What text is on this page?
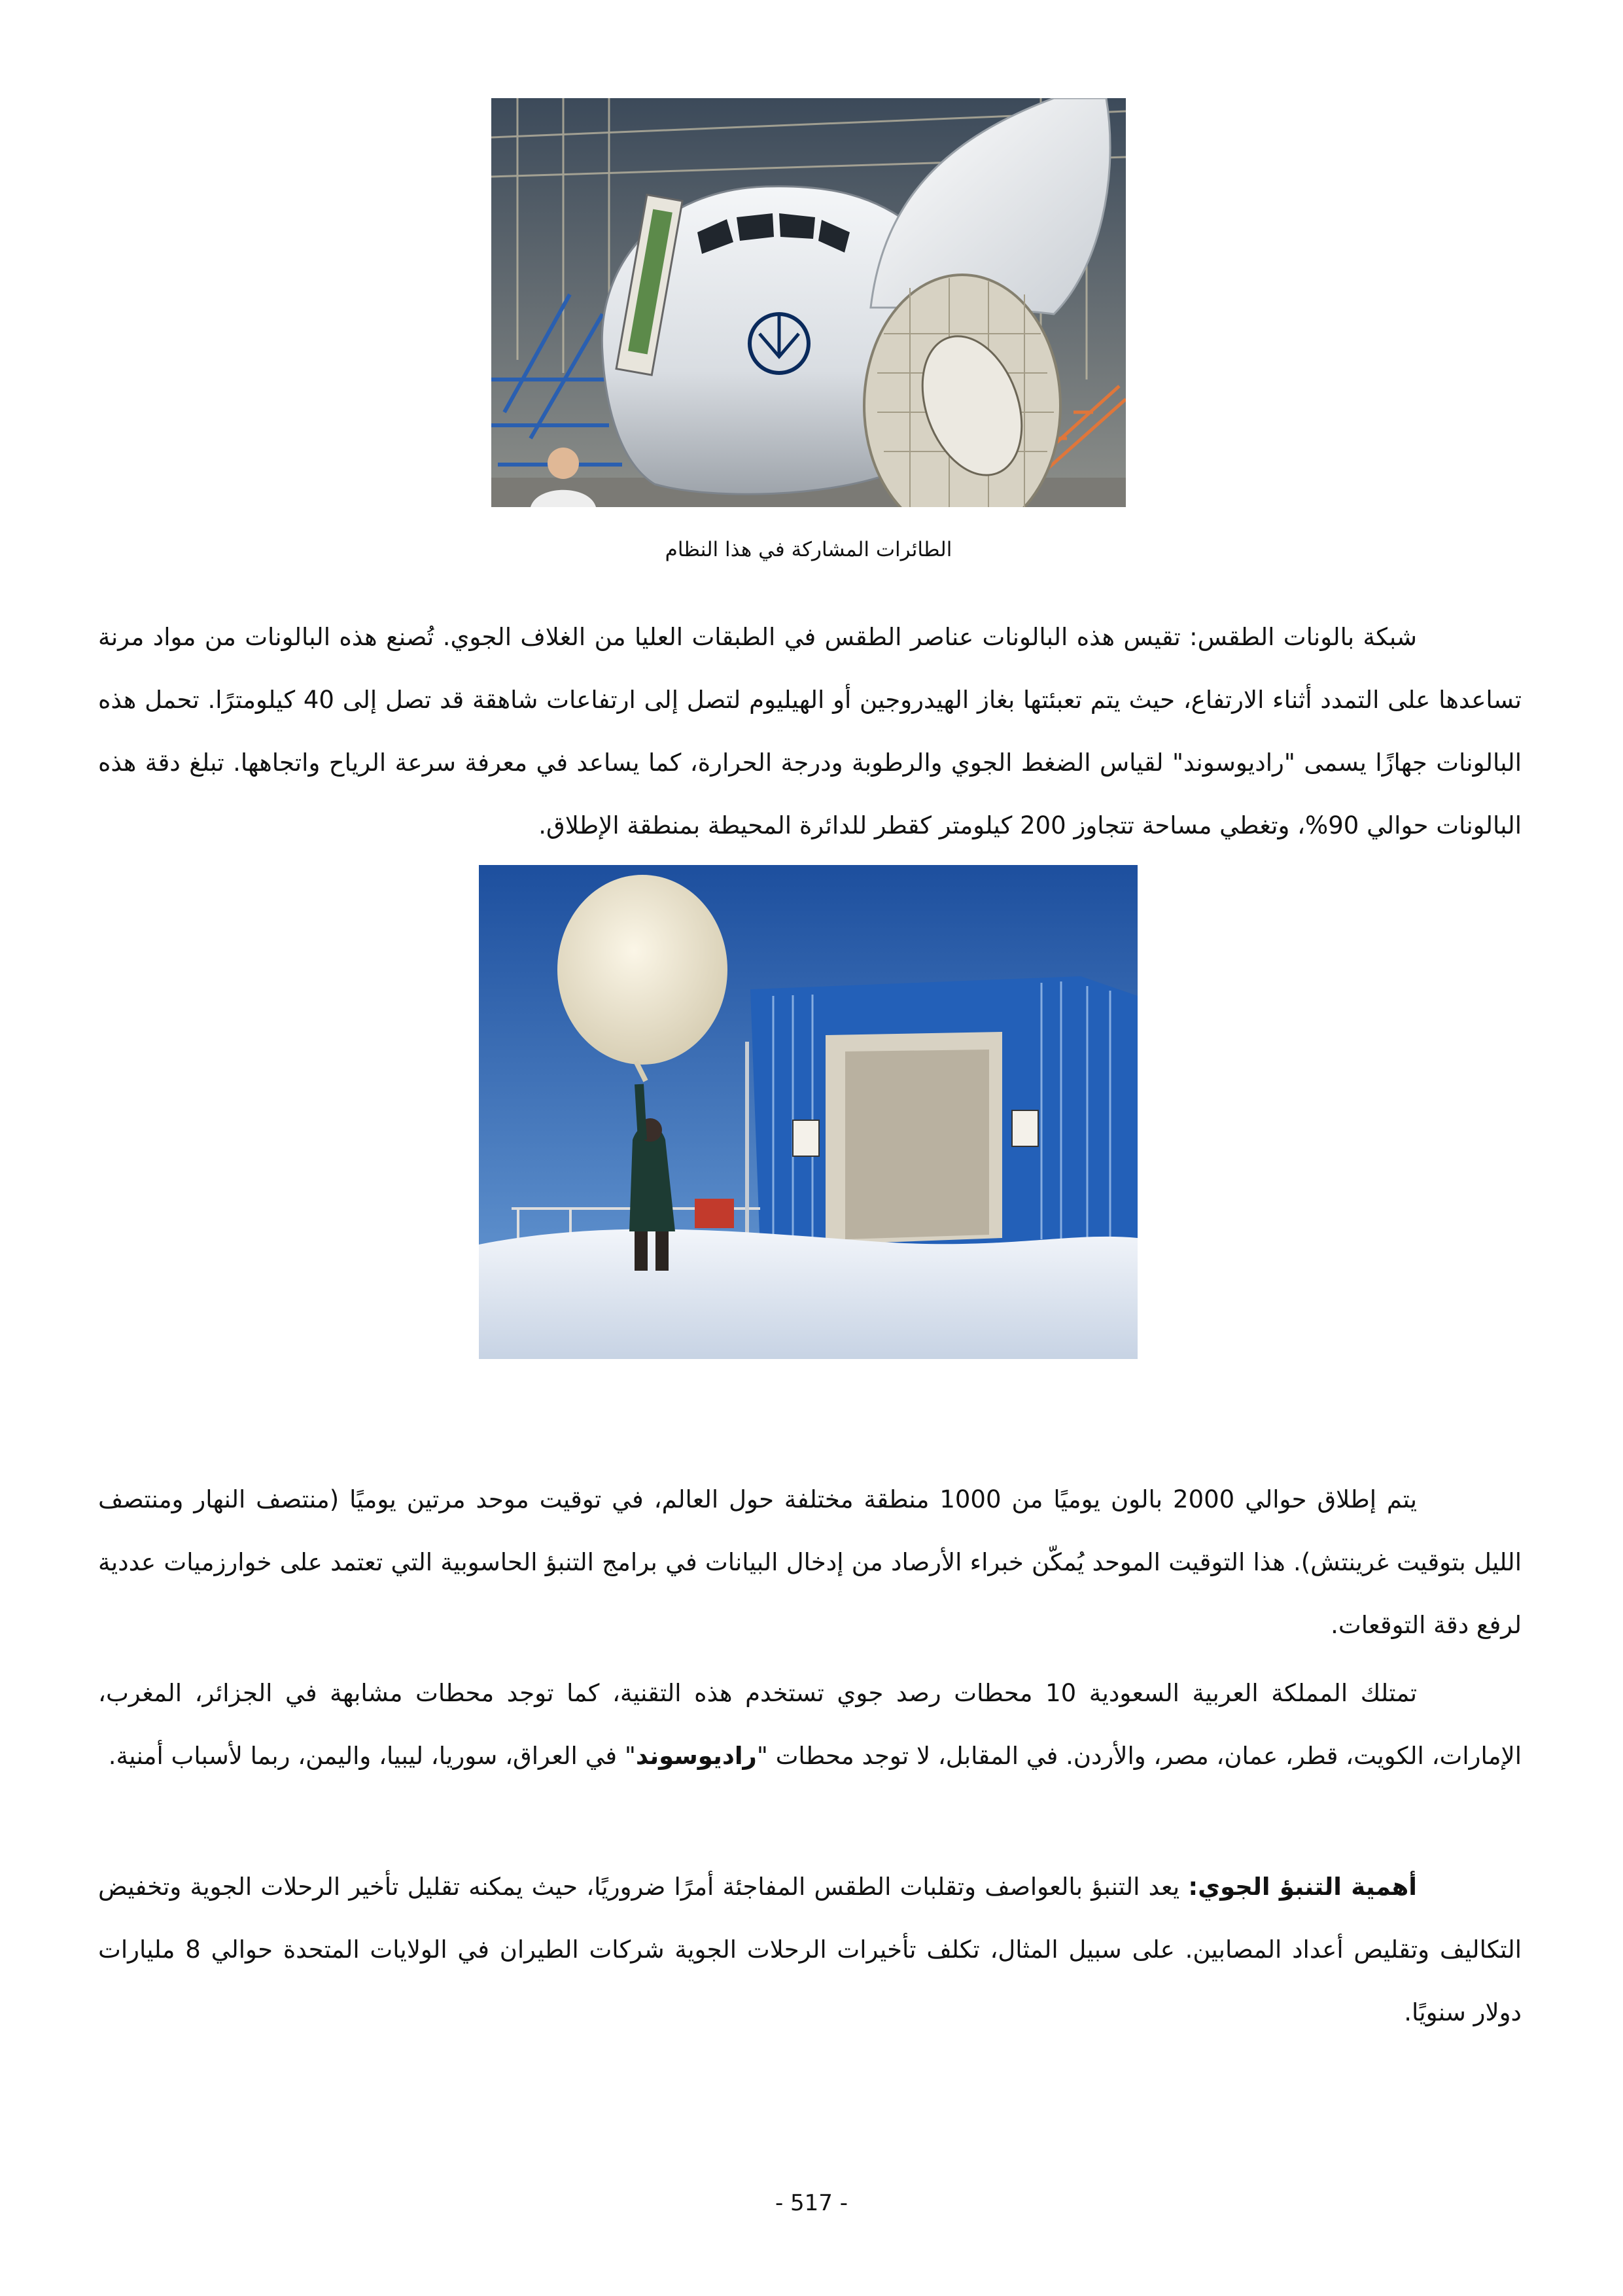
الطائرات المشاركة في هذا النظام

شبكة بالونات الطقس: تقيس هذه البالونات عناصر الطقس في الطبقات العليا من الغلاف الجوي. تُصنع هذه البالونات من مواد مرنة تساعدها على التمدد أثناء الارتفاع، حيث يتم تعبئتها بغاز الهيدروجين أو الهيليوم لتصل إلى ارتفاعات شاهقة قد تصل إلى 40 كيلومترًا. تحمل هذه البالونات جهازًا يسمى "راديوسوند" لقياس الضغط الجوي والرطوبة ودرجة الحرارة، كما يساعد في معرفة سرعة الرياح واتجاهها. تبلغ دقة هذه البالونات حوالي 90%، وتغطي مساحة تتجاوز 200 كيلومتر كقطر للدائرة المحيطة بمنطقة الإطلاق.

يتم إطلاق حوالي 2000 بالون يوميًا من 1000 منطقة مختلفة حول العالم، في توقيت موحد مرتين يوميًا (منتصف النهار ومنتصف الليل بتوقيت غرينتش). هذا التوقيت الموحد يُمكّن خبراء الأرصاد من إدخال البيانات في برامج التنبؤ الحاسوبية التي تعتمد على خوارزميات عددية لرفع دقة التوقعات.

تمتلك المملكة العربية السعودية 10 محطات رصد جوي تستخدم هذه التقنية، كما توجد محطات مشابهة في الجزائر، المغرب، الإمارات، الكويت، قطر، عمان، مصر، والأردن. في المقابل، لا توجد محطات "راديوسوند" في العراق، سوريا، ليبيا، واليمن، ربما لأسباب أمنية.

أهمية التنبؤ الجوي: يعد التنبؤ بالعواصف وتقلبات الطقس المفاجئة أمرًا ضروريًا، حيث يمكنه تقليل تأخير الرحلات الجوية وتخفيض التكاليف وتقليص أعداد المصابين. على سبيل المثال، تكلف تأخيرات الرحلات الجوية شركات الطيران في الولايات المتحدة حوالي 8 مليارات دولار سنويًا.

- 517 -
